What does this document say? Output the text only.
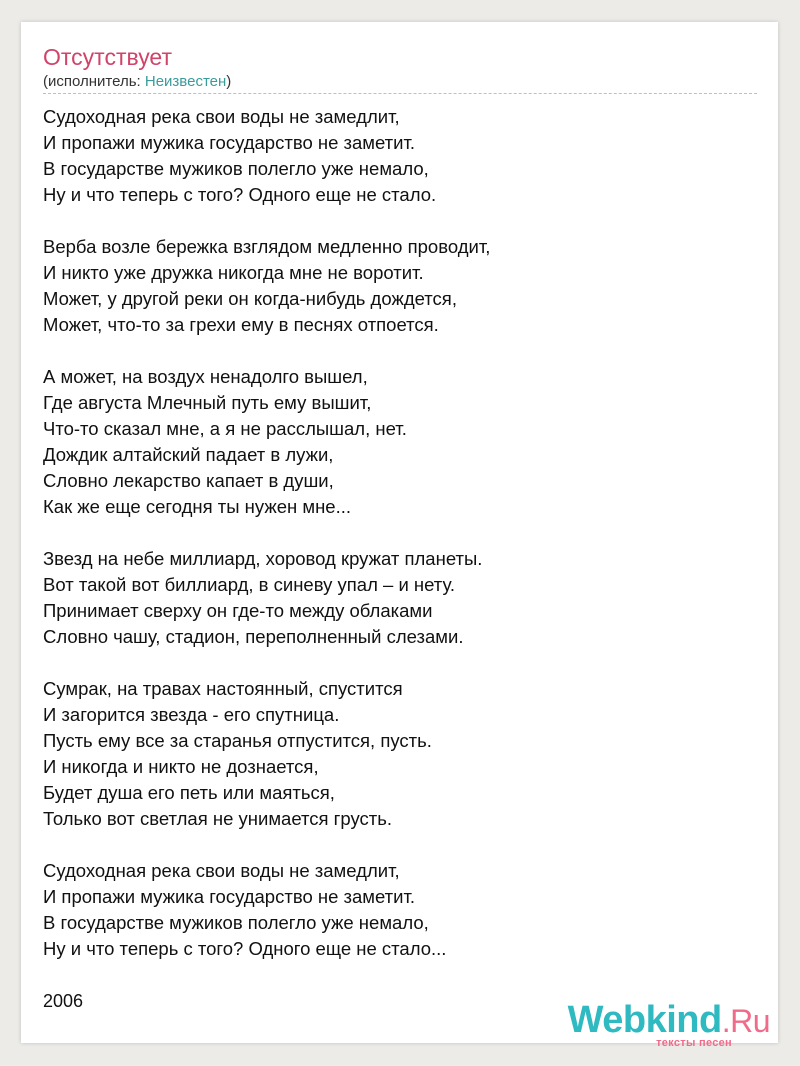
Отсутствует
(исполнитель: Неизвестен)
Судоходная река свои воды не замедлит,
И пропажи мужика государство не заметит.
В государстве мужиков полегло уже немало,
Ну и что теперь с того? Одного еще не стало.
Верба возле бережка взглядом медленно проводит,
И никто уже дружка никогда мне не воротит.
Может, у другой реки он когда-нибудь дождется,
Может, что-то за грехи ему в песнях отпоется.
А может, на воздух ненадолго вышел,
Где августа Млечный путь ему вышит,
Что-то сказал мне, а я не расслышал, нет.
Дождик алтайский падает в лужи,
Словно лекарство капает в души,
Как же еще сегодня ты нужен мне...
Звезд на небе миллиард, хоровод кружат планеты.
Вот такой вот биллиард, в синеву упал – и нету.
Принимает сверху он где-то между облаками
Словно чашу, стадион, переполненный слезами.
Сумрак, на травах настоянный, спустится
И загорится звезда - его спутница.
Пусть ему все за старанья отпустится, пусть.
И никогда и никто не дознается,
Будет душа его петь или маяться,
Только вот светлая не унимается грусть.
Судоходная река свои воды не замедлит,
И пропажи мужика государство не заметит.
В государстве мужиков полегло уже немало,
Ну и что теперь с того? Одного еще не стало...
2006	Webkind.Ru
тексты песен
